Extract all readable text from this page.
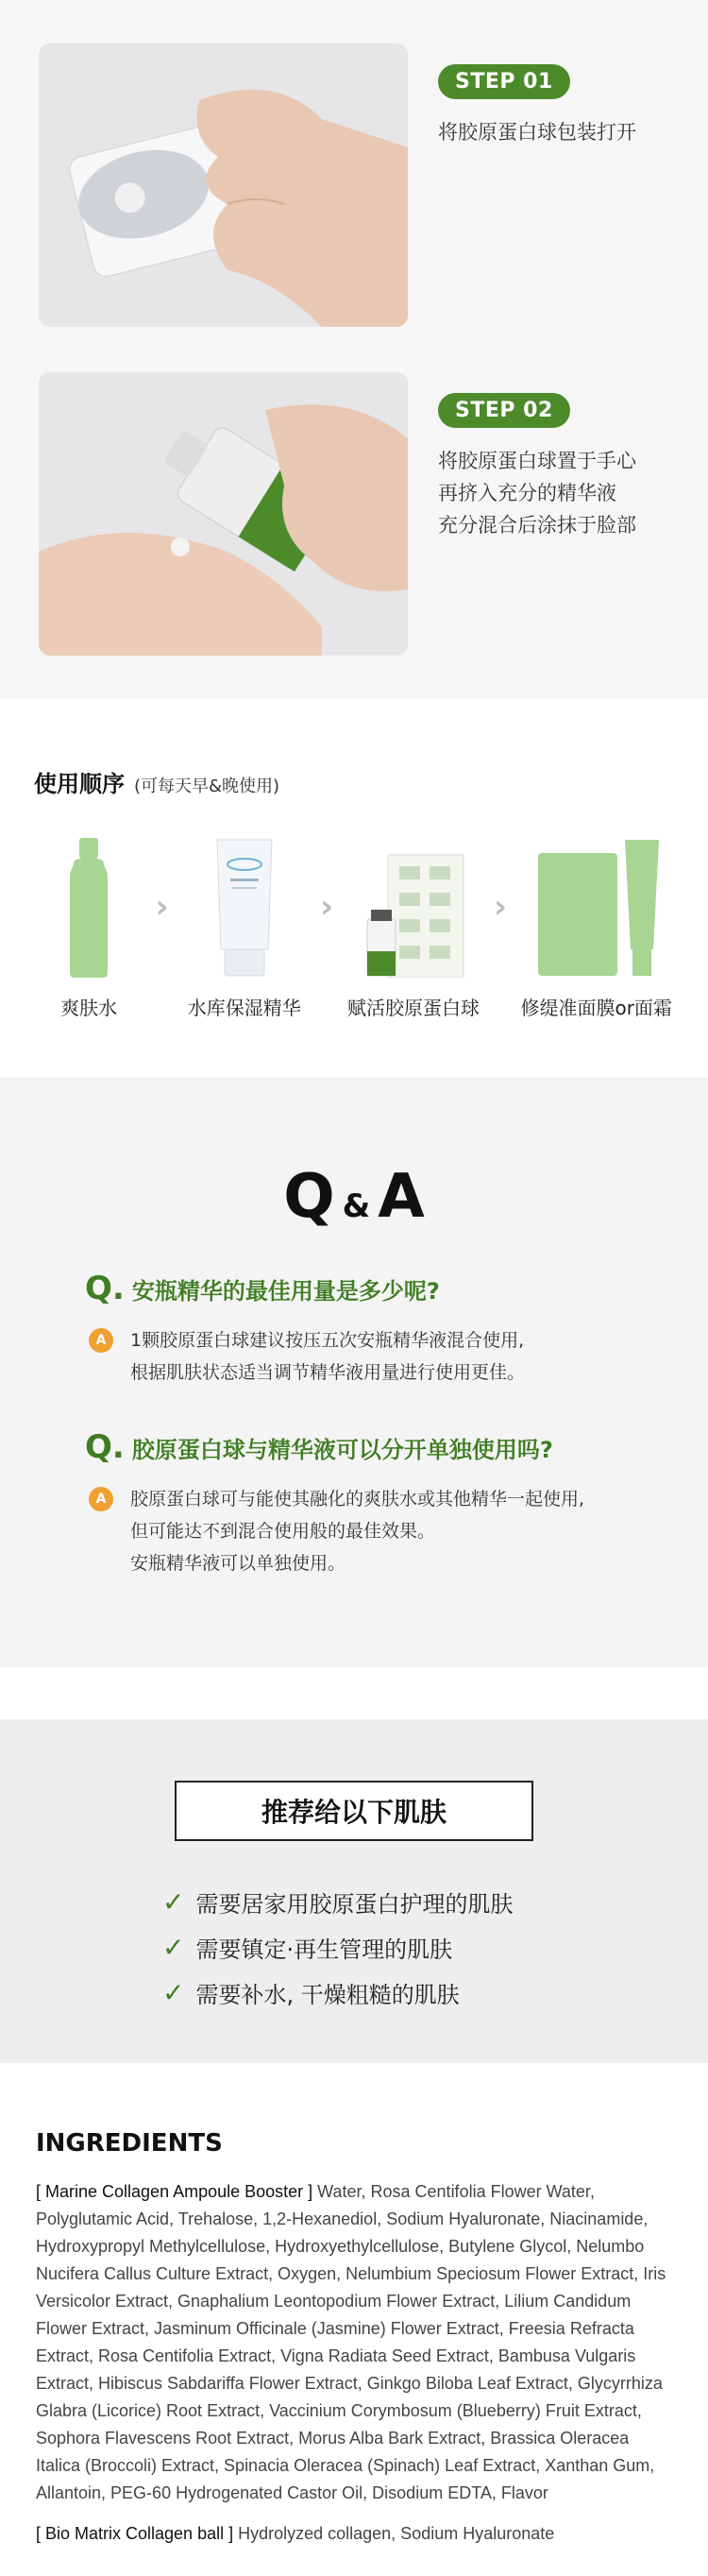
STEP 01
将胶原蛋白球包装打开
STEP 02
将胶原蛋白球置于手心
再挤入充分的精华液
充分混合后涂抹于脸部
使用顺序 (可每天早&晚使用)
爽肤水
›
水库保湿精华
›
赋活胶原蛋白球
›
修缇准面膜or面霜
Q & A
Q. 安瓶精华的最佳用量是多少呢?
A	1颗胶原蛋白球建议按压五次安瓶精华液混合使用,
根据肌肤状态适当调节精华液用量进行使用更佳。
Q. 胶原蛋白球与精华液可以分开单独使用吗?
A	胶原蛋白球可与能使其融化的爽肤水或其他精华一起使用,
但可能达不到混合使用般的最佳效果。
安瓶精华液可以单独使用。
推荐给以下肌肤
✓ 需要居家用胶原蛋白护理的肌肤
✓ 需要镇定·再生管理的肌肤
✓ 需要补水, 干燥粗糙的肌肤
INGREDIENTS

[ Marine Collagen Ampoule Booster ] Water, Rosa Centifolia Flower Water, Polyglutamic Acid, Trehalose, 1,2-Hexanediol, Sodium Hyaluronate, Niacinamide, Hydroxypropyl Methylcellulose, Hydroxyethylcellulose, Butylene Glycol, Nelumbo Nucifera Callus Culture Extract, Oxygen, Nelumbium Speciosum Flower Extract, Iris Versicolor Extract, Gnaphalium Leontopodium Flower Extract, Lilium Candidum Flower Extract, Jasminum Officinale (Jasmine) Flower Extract, Freesia Refracta Extract, Rosa Centifolia Extract, Vigna Radiata Seed Extract, Bambusa Vulgaris Extract, Hibiscus Sabdariffa Flower Extract, Ginkgo Biloba Leaf Extract, Glycyrrhiza Glabra (Licorice) Root Extract, Vaccinium Corymbosum (Blueberry) Fruit Extract, Sophora Flavescens Root Extract, Morus Alba Bark Extract, Brassica Oleracea Italica (Broccoli) Extract, Spinacia Oleracea (Spinach) Leaf Extract, Xanthan Gum, Allantoin, PEG-60 Hydrogenated Castor Oil, Disodium EDTA, Flavor

[ Bio Matrix Collagen ball ] Hydrolyzed collagen, Sodium Hyaluronate
